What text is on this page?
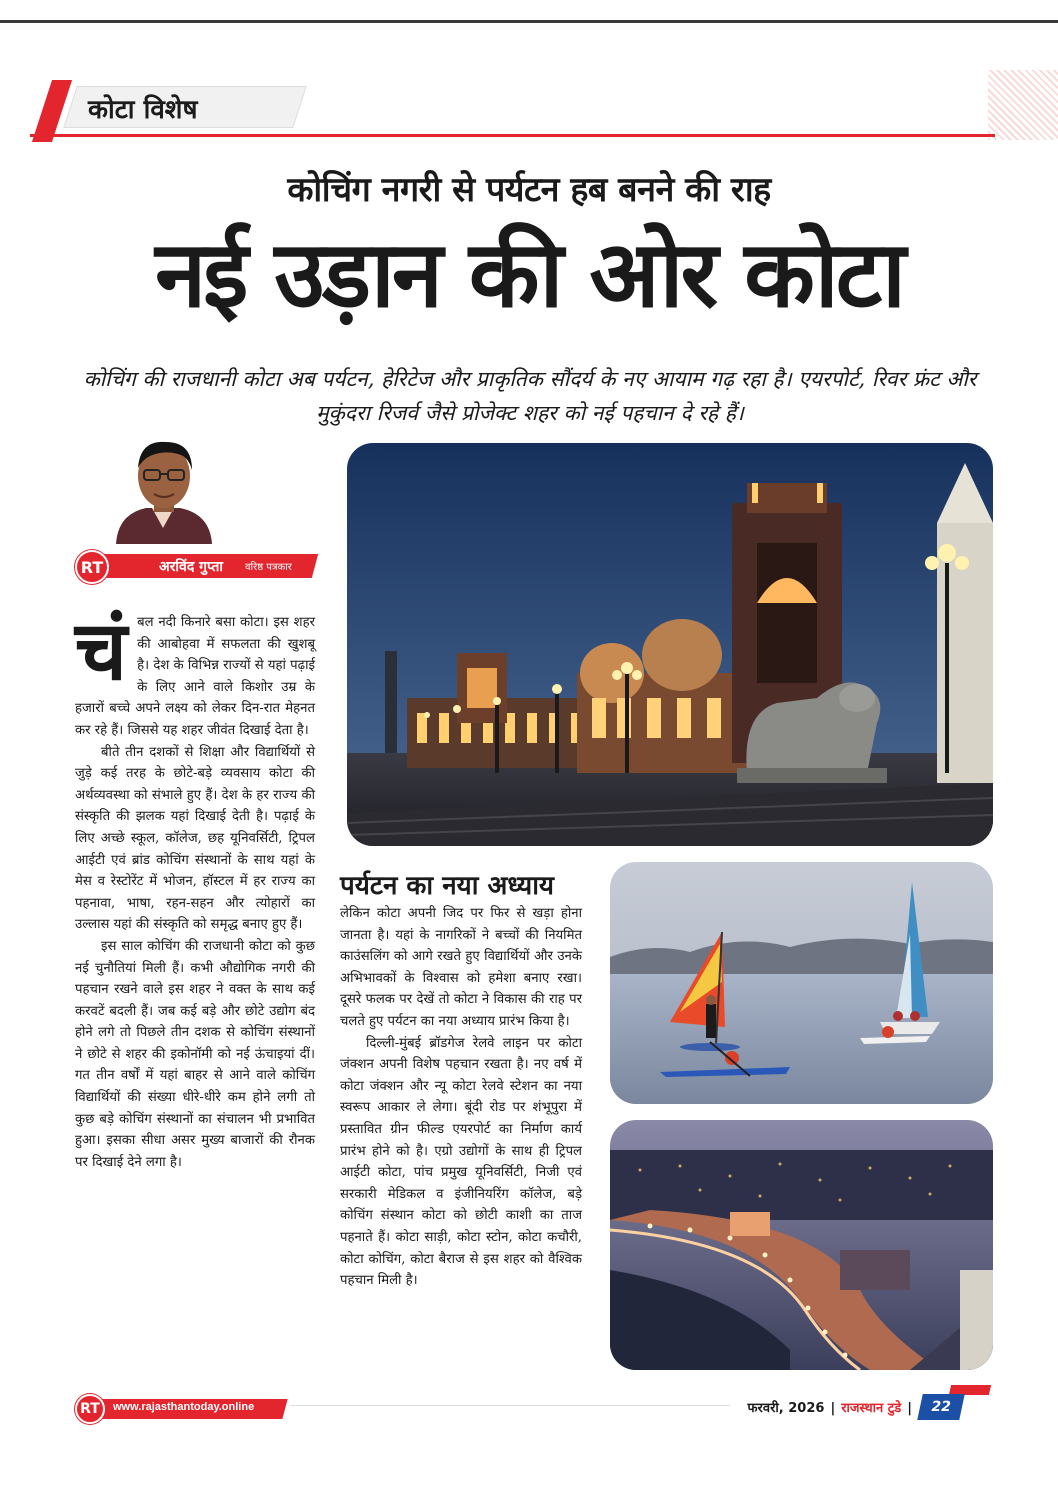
कोटा विशेष
कोचिंग नगरी से पर्यटन हब बनने की राह
नई उड़ान की ओर कोटा
कोचिंग की राजधानी कोटा अब पर्यटन, हेरिटेज और प्राकृतिक सौंदर्य के नए आयाम गढ़ रहा है। एयरपोर्ट, रिवर फ्रंट और मुकुंदरा रिजर्व जैसे प्रोजेक्ट शहर को नई पहचान दे रहे हैं।
RT	अरविंद गुप्ता वरिष्ठ पत्रकार

चंबल नदी किनारे बसा कोटा। इस शहर की आबोहवा में सफलता की खुशबू है। देश के विभिन्न राज्यों से यहां पढ़ाई के लिए आने वाले किशोर उम्र के हजारों बच्चे अपने लक्ष्य को लेकर दिन-रात मेहनत कर रहे हैं। जिससे यह शहर जीवंत दिखाई देता है।

बीते तीन दशकों से शिक्षा और विद्यार्थियों से जुड़े कई तरह के छोटे-बड़े व्यवसाय कोटा की अर्थव्यवस्था को संभाले हुए हैं। देश के हर राज्य की संस्कृति की झलक यहां दिखाई देती है। पढ़ाई के लिए अच्छे स्कूल, कॉलेज, छह यूनिवर्सिटी, ट्रिपल आईटी एवं ब्रांड कोचिंग संस्थानों के साथ यहां के मेस व रेस्टोरेंट में भोजन, हॉस्टल में हर राज्य का पहनावा, भाषा, रहन-सहन और त्योहारों का उल्लास यहां की संस्कृति को समृद्ध बनाए हुए हैं।

इस साल कोचिंग की राजधानी कोटा को कुछ नई चुनौतियां मिली हैं। कभी औद्योगिक नगरी की पहचान रखने वाले इस शहर ने वक्त के साथ कई करवटें बदली हैं। जब कई बड़े और छोटे उद्योग बंद होने लगे तो पिछले तीन दशक से कोचिंग संस्थानों ने छोटे से शहर की इकोनॉमी को नई ऊंचाइयां दीं। गत तीन वर्षों में यहां बाहर से आने वाले कोचिंग विद्यार्थियों की संख्या धीरे-धीरे कम होने लगी तो कुछ बड़े कोचिंग संस्थानों का संचालन भी प्रभावित हुआ। इसका सीधा असर मुख्य बाजारों की रौनक पर दिखाई देने लगा है।

पर्यटन का नया अध्याय

लेकिन कोटा अपनी जिद पर फिर से खड़ा होना जानता है। यहां के नागरिकों ने बच्चों की नियमित काउंसलिंग को आगे रखते हुए विद्यार्थियों और उनके अभिभावकों के विश्वास को हमेशा बनाए रखा। दूसरे फलक पर देखें तो कोटा ने विकास की राह पर चलते हुए पर्यटन का नया अध्याय प्रारंभ किया है।

दिल्ली-मुंबई ब्रॉडगेज रेलवे लाइन पर कोटा जंक्शन अपनी विशेष पहचान रखता है। नए वर्ष में कोटा जंक्शन और न्यू कोटा रेलवे स्टेशन का नया स्वरूप आकार ले लेगा। बूंदी रोड पर शंभूपुरा में प्रस्तावित ग्रीन फील्ड एयरपोर्ट का निर्माण कार्य प्रारंभ होने को है। एग्रो उद्योगों के साथ ही ट्रिपल आईटी कोटा, पांच प्रमुख यूनिवर्सिटी, निजी एवं सरकारी मेडिकल व इंजीनियरिंग कॉलेज, बड़े कोचिंग संस्थान कोटा को छोटी काशी का ताज पहनाते हैं। कोटा साड़ी, कोटा स्टोन, कोटा कचौरी, कोटा कोचिंग, कोटा बैराज से इस शहर को वैश्विक पहचान मिली है।

RT	www.rajasthantoday.online	फरवरी, 2026 | राजस्थान टुडे |	22
